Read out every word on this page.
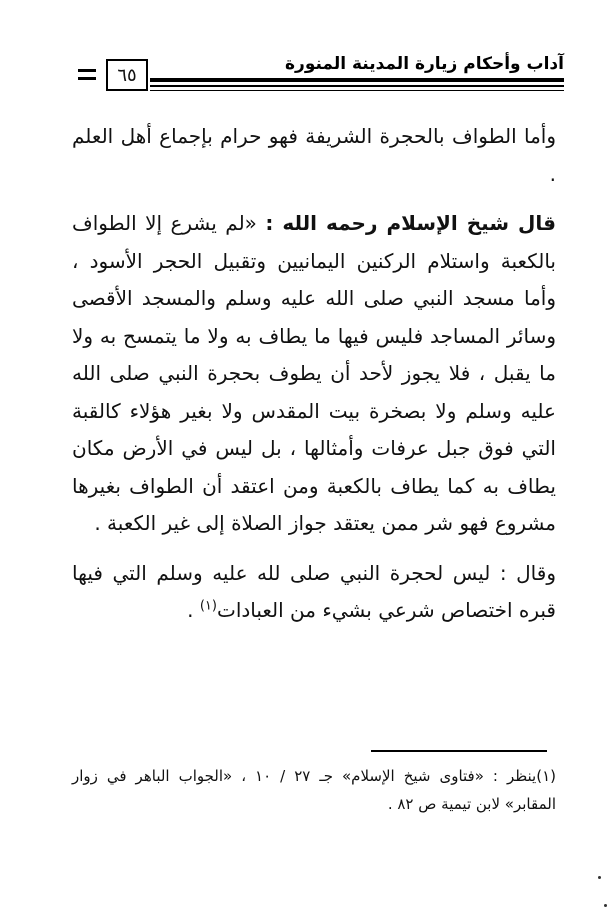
آداب وأحكام زيارة المدينة المنورة
٦٥

وأما الطواف بالحجرة الشريفة فهو حرام بإجماع أهل العلم .

قال شيخ الإسلام رحمه الله : «لم يشرع إلا الطواف بالكعبة واستلام الركنين اليمانيين وتقبيل الحجر الأسود ، وأما مسجد النبي صلى الله عليه وسلم والمسجد الأقصى وسائر المساجد فليس فيها ما يطاف به ولا ما يتمسح به ولا ما يقبل ، فلا يجوز لأحد أن يطوف بحجرة النبي صلى الله عليه وسلم ولا بصخرة بيت المقدس ولا بغير هؤلاء كالقبة التي فوق جبل عرفات وأمثالها ، بل ليس في الأرض مكان يطاف به كما يطاف بالكعبة ومن اعتقد أن الطواف بغيرها مشروع فهو شر ممن يعتقد جواز الصلاة إلى غير الكعبة .

وقال : ليس لحجرة النبي صلى لله عليه وسلم التي فيها قبره اختصاص شرعي بشيء من العبادات$^{(١)}$ .

(١)ينظر : «فتاوى شيخ الإسلام» جـ ٢٧ / ١٠ ، «الجواب الباهر في زوار المقابر» لابن تيمية ص ٨٢ .
